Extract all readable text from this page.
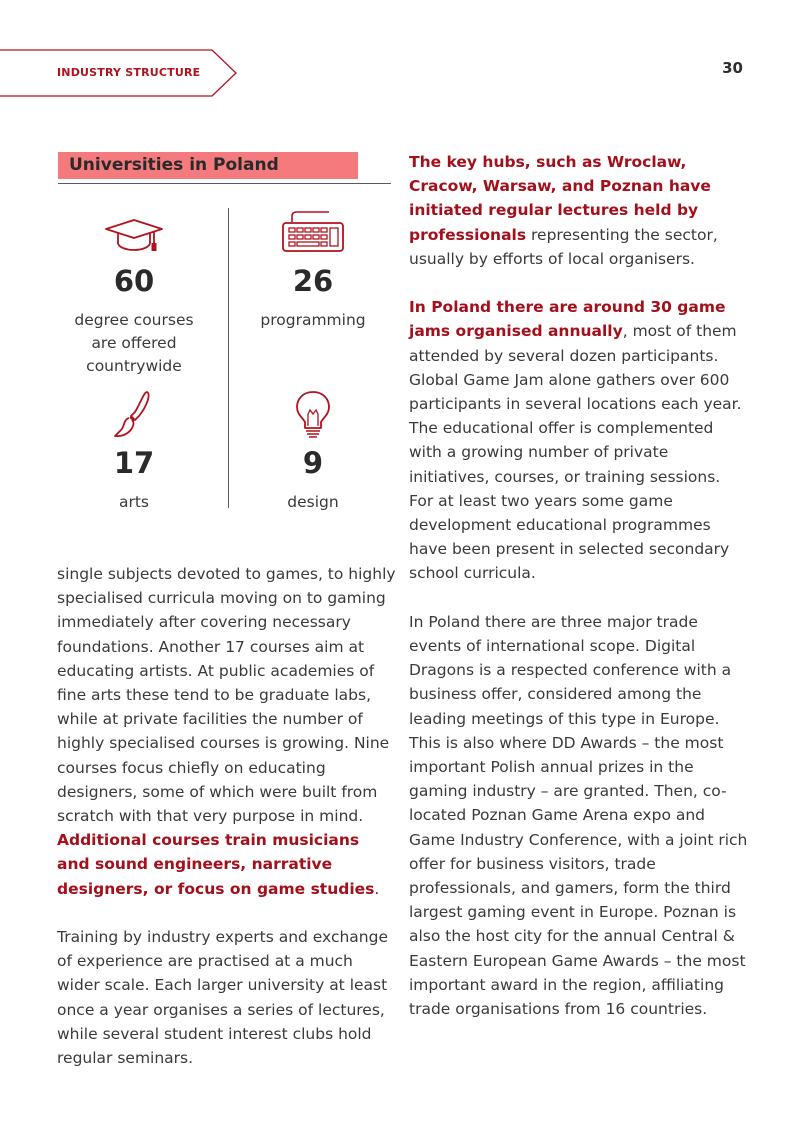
INDUSTRY STRUCTURE	30
Universities in Poland
60
degree courses
are offered
countrywide
26
programming
17
arts
9
design

single subjects devoted to games, to highly specialised curricula moving on to gaming immediately after covering necessary foundations. Another 17 courses aim at educating artists. At public academies of fine arts these tend to be graduate labs, while at private facilities the number of highly specialised courses is growing. Nine courses focus chiefly on educating designers, some of which were built from scratch with that very purpose in mind. Additional courses train musicians and sound engineers, narrative designers, or focus on game studies.

Training by industry experts and exchange of experience are practised at a much wider scale. Each larger university at least once a year organises a series of lectures, while several student interest clubs hold regular seminars.

The key hubs, such as Wroclaw, Cracow, Warsaw, and Poznan have initiated regular lectures held by professionals representing the sector, usually by efforts of local organisers.

In Poland there are around 30 game jams organised annually, most of them attended by several dozen participants. Global Game Jam alone gathers over 600 participants in several locations each year. The educational offer is complemented with a growing number of private initiatives, courses, or training sessions. For at least two years some game development educational programmes have been present in selected secondary school curricula.

In Poland there are three major trade events of international scope. Digital Dragons is a respected conference with a business offer, considered among the leading meetings of this type in Europe. This is also where DD Awards – the most important Polish annual prizes in the gaming industry – are granted. Then, co-located Poznan Game Arena expo and Game Industry Conference, with a joint rich offer for business visitors, trade professionals, and gamers, form the third largest gaming event in Europe. Poznan is also the host city for the annual Central & Eastern European Game Awards – the most important award in the region, affiliating trade organisations from 16 countries.
